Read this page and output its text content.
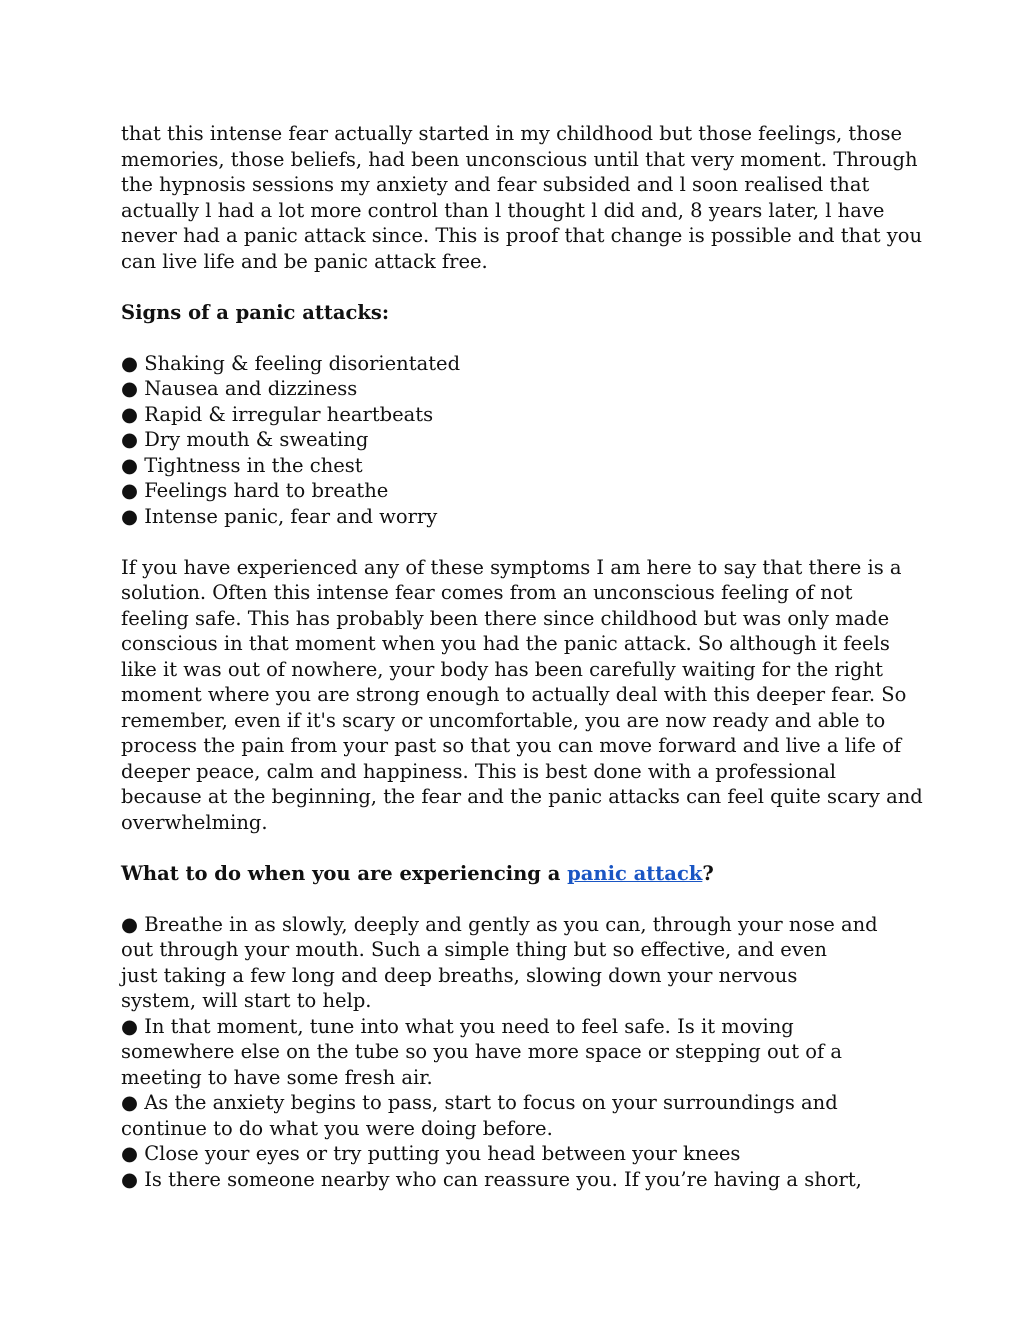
that this intense fear actually started in my childhood but those feelings, those
memories, those beliefs, had been unconscious until that very moment. Through
the hypnosis sessions my anxiety and fear subsided and l soon realised that
actually l had a lot more control than l thought l did and, 8 years later, l have
never had a panic attack since. This is proof that change is possible and that you
can live life and be panic attack free.
Signs of a panic attacks:
● Shaking & feeling disorientated
● Nausea and dizziness
● Rapid & irregular heartbeats
● Dry mouth & sweating
● Tightness in the chest
● Feelings hard to breathe
● Intense panic, fear and worry
If you have experienced any of these symptoms I am here to say that there is a
solution. Often this intense fear comes from an unconscious feeling of not
feeling safe. This has probably been there since childhood but was only made
conscious in that moment when you had the panic attack. So although it feels
like it was out of nowhere, your body has been carefully waiting for the right
moment where you are strong enough to actually deal with this deeper fear. So
remember, even if it's scary or uncomfortable, you are now ready and able to
process the pain from your past so that you can move forward and live a life of
deeper peace, calm and happiness. This is best done with a professional
because at the beginning, the fear and the panic attacks can feel quite scary and
overwhelming.
What to do when you are experiencing a panic attack?
● Breathe in as slowly, deeply and gently as you can, through your nose and
out through your mouth. Such a simple thing but so effective, and even
just taking a few long and deep breaths, slowing down your nervous
system, will start to help.
● In that moment, tune into what you need to feel safe. Is it moving
somewhere else on the tube so you have more space or stepping out of a
meeting to have some fresh air.
● As the anxiety begins to pass, start to focus on your surroundings and
continue to do what you were doing before.
● Close your eyes or try putting you head between your knees
● Is there someone nearby who can reassure you. If you’re having a short,
